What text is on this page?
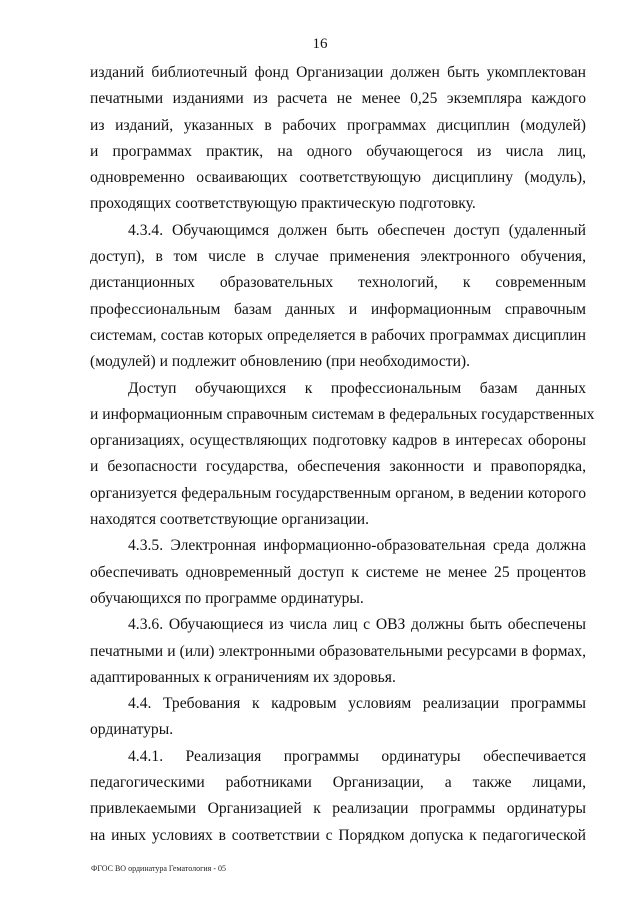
16
изданий библиотечный фонд Организации должен быть укомплектован
печатными изданиями из расчета не менее 0,25 экземпляра каждого
из изданий, указанных в рабочих программах дисциплин (модулей)
и программах практик, на одного обучающегося из числа лиц,
одновременно осваивающих соответствующую дисциплину (модуль),
проходящих соответствующую практическую подготовку.
4.3.4. Обучающимся должен быть обеспечен доступ (удаленный
доступ), в том числе в случае применения электронного обучения,
дистанционных образовательных технологий, к современным
профессиональным базам данных и информационным справочным
системам, состав которых определяется в рабочих программах дисциплин
(модулей) и подлежит обновлению (при необходимости).
Доступ обучающихся к профессиональным базам данных
и информационным справочным системам в федеральных государственных
организациях, осуществляющих подготовку кадров в интересах обороны
и безопасности государства, обеспечения законности и правопорядка,
организуется федеральным государственным органом, в ведении которого
находятся соответствующие организации.
4.3.5. Электронная информационно-образовательная среда должна
обеспечивать одновременный доступ к системе не менее 25 процентов
обучающихся по программе ординатуры.
4.3.6. Обучающиеся из числа лиц с ОВЗ должны быть обеспечены
печатными и (или) электронными образовательными ресурсами в формах,
адаптированных к ограничениям их здоровья.
4.4. Требования к кадровым условиям реализации программы
ординатуры.
4.4.1. Реализация программы ординатуры обеспечивается
педагогическими работниками Организации, а также лицами,
привлекаемыми Организацией к реализации программы ординатуры
на иных условиях в соответствии с Порядком допуска к педагогической
ФГОС ВО ординатура Гематология - 05
